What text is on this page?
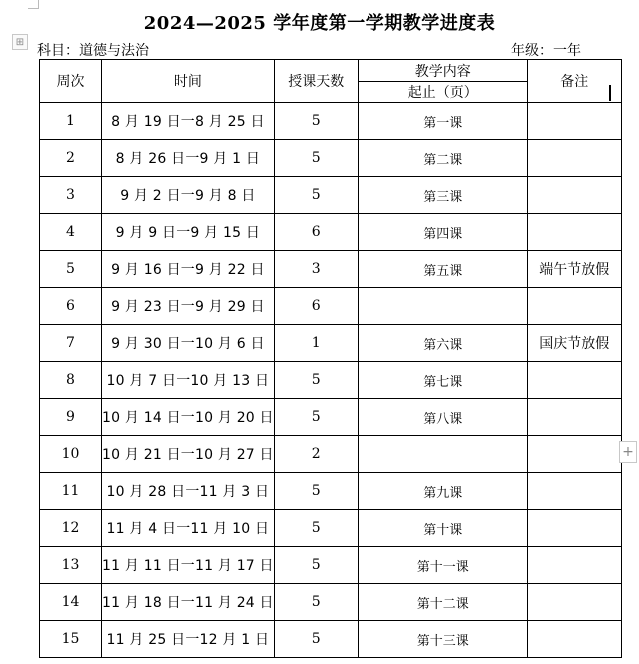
2024—2025 学年度第一学期教学进度表
⊞
科目：道德与法治	年级：一年
周次	时间	授课天数	教学内容	备注
			起止（页）	
1	8 月 19 日一8 月 25 日	5	第一课	
2	8 月 26 日一9 月 1 日	5	第二课	
3	9 月 2 日一9 月 8 日	5	第三课	
4	9 月 9 日一9 月 15 日	6	第四课	
5	9 月 16 日一9 月 22 日	3	第五课	端午节放假
6	9 月 23 日一9 月 29 日	6		
7	9 月 30 日一10 月 6 日	1	第六课	国庆节放假
8	10 月 7 日一10 月 13 日	5	第七课	
9	10 月 14 日一10 月 20 日	5	第八课	
10	10 月 21 日一10 月 27 日	2		
11	10 月 28 日一11 月 3 日	5	第九课	
12	11 月 4 日一11 月 10 日	5	第十课	
13	11 月 11 日一11 月 17 日	5	第十一课	
14	11 月 18 日一11 月 24 日	5	第十二课	
15	11 月 25 日一12 月 1 日	5	第十三课	
+
